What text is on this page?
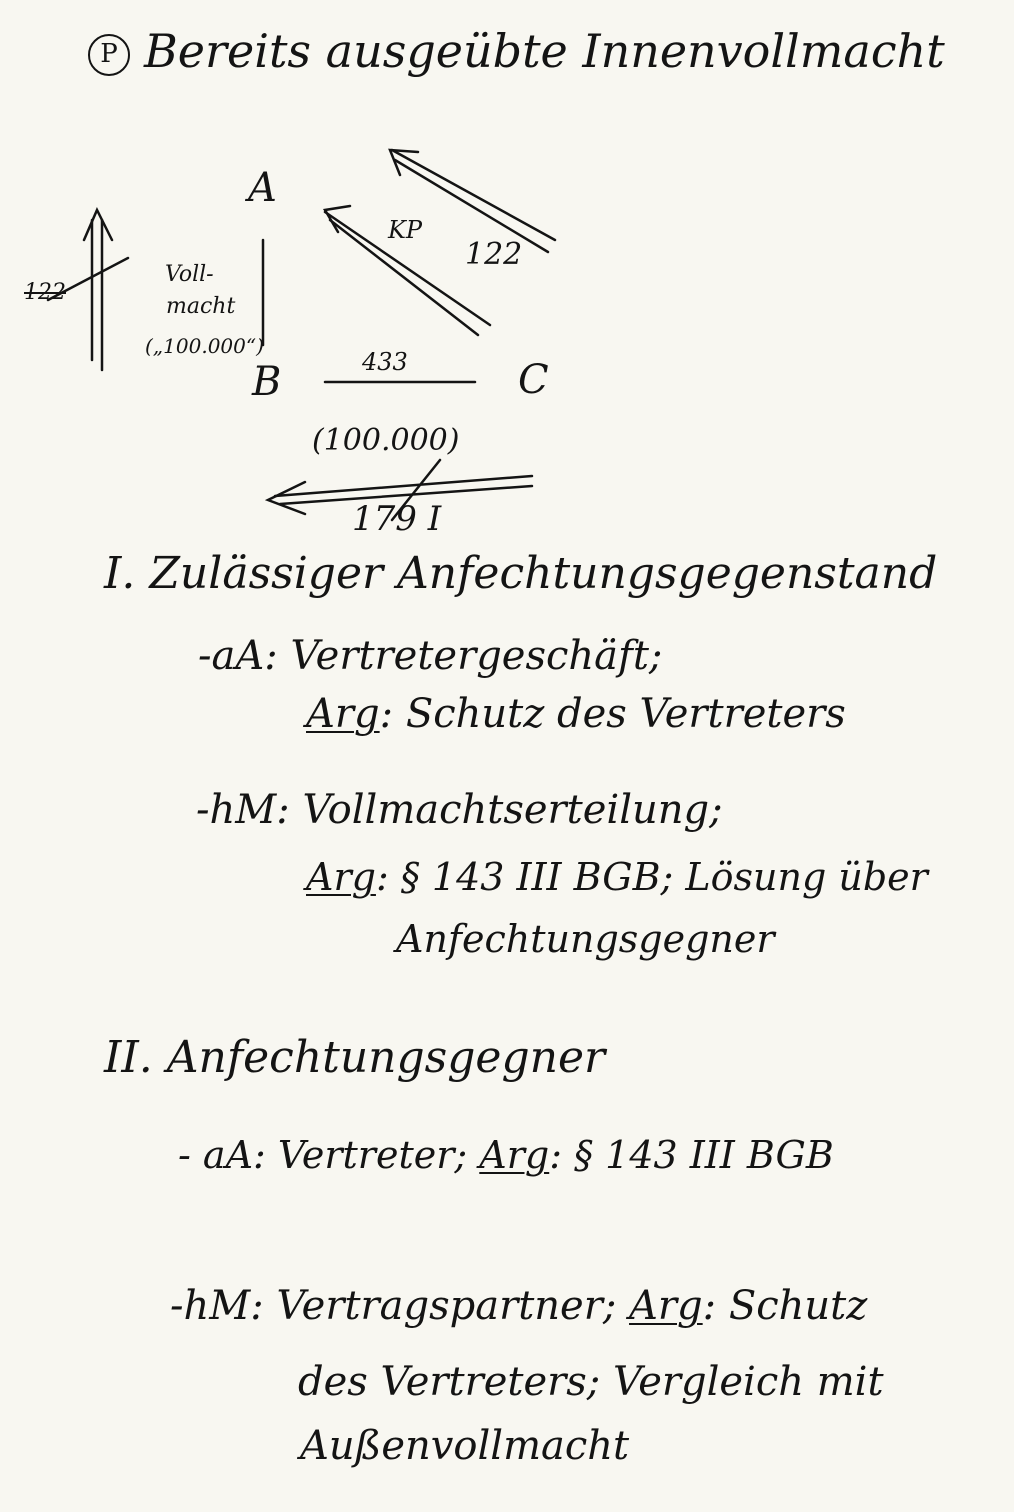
P Bereits ausgeübte Innenvollmacht
A
B	C
KP
122
122
Voll-
macht
(„100.000“)
433
(100.000)
179 I
I. Zulässiger Anfechtungsgegenstand
-aA: Vertretergeschäft;
Arg: Schutz des Vertreters
-hM: Vollmachtserteilung;
Arg: § 143 III BGB; Lösung über
Anfechtungsgegner
II. Anfechtungsgegner
- aA: Vertreter; Arg: § 143 III BGB
-hM: Vertragspartner; Arg: Schutz
des Vertreters; Vergleich mit
Außenvollmacht
